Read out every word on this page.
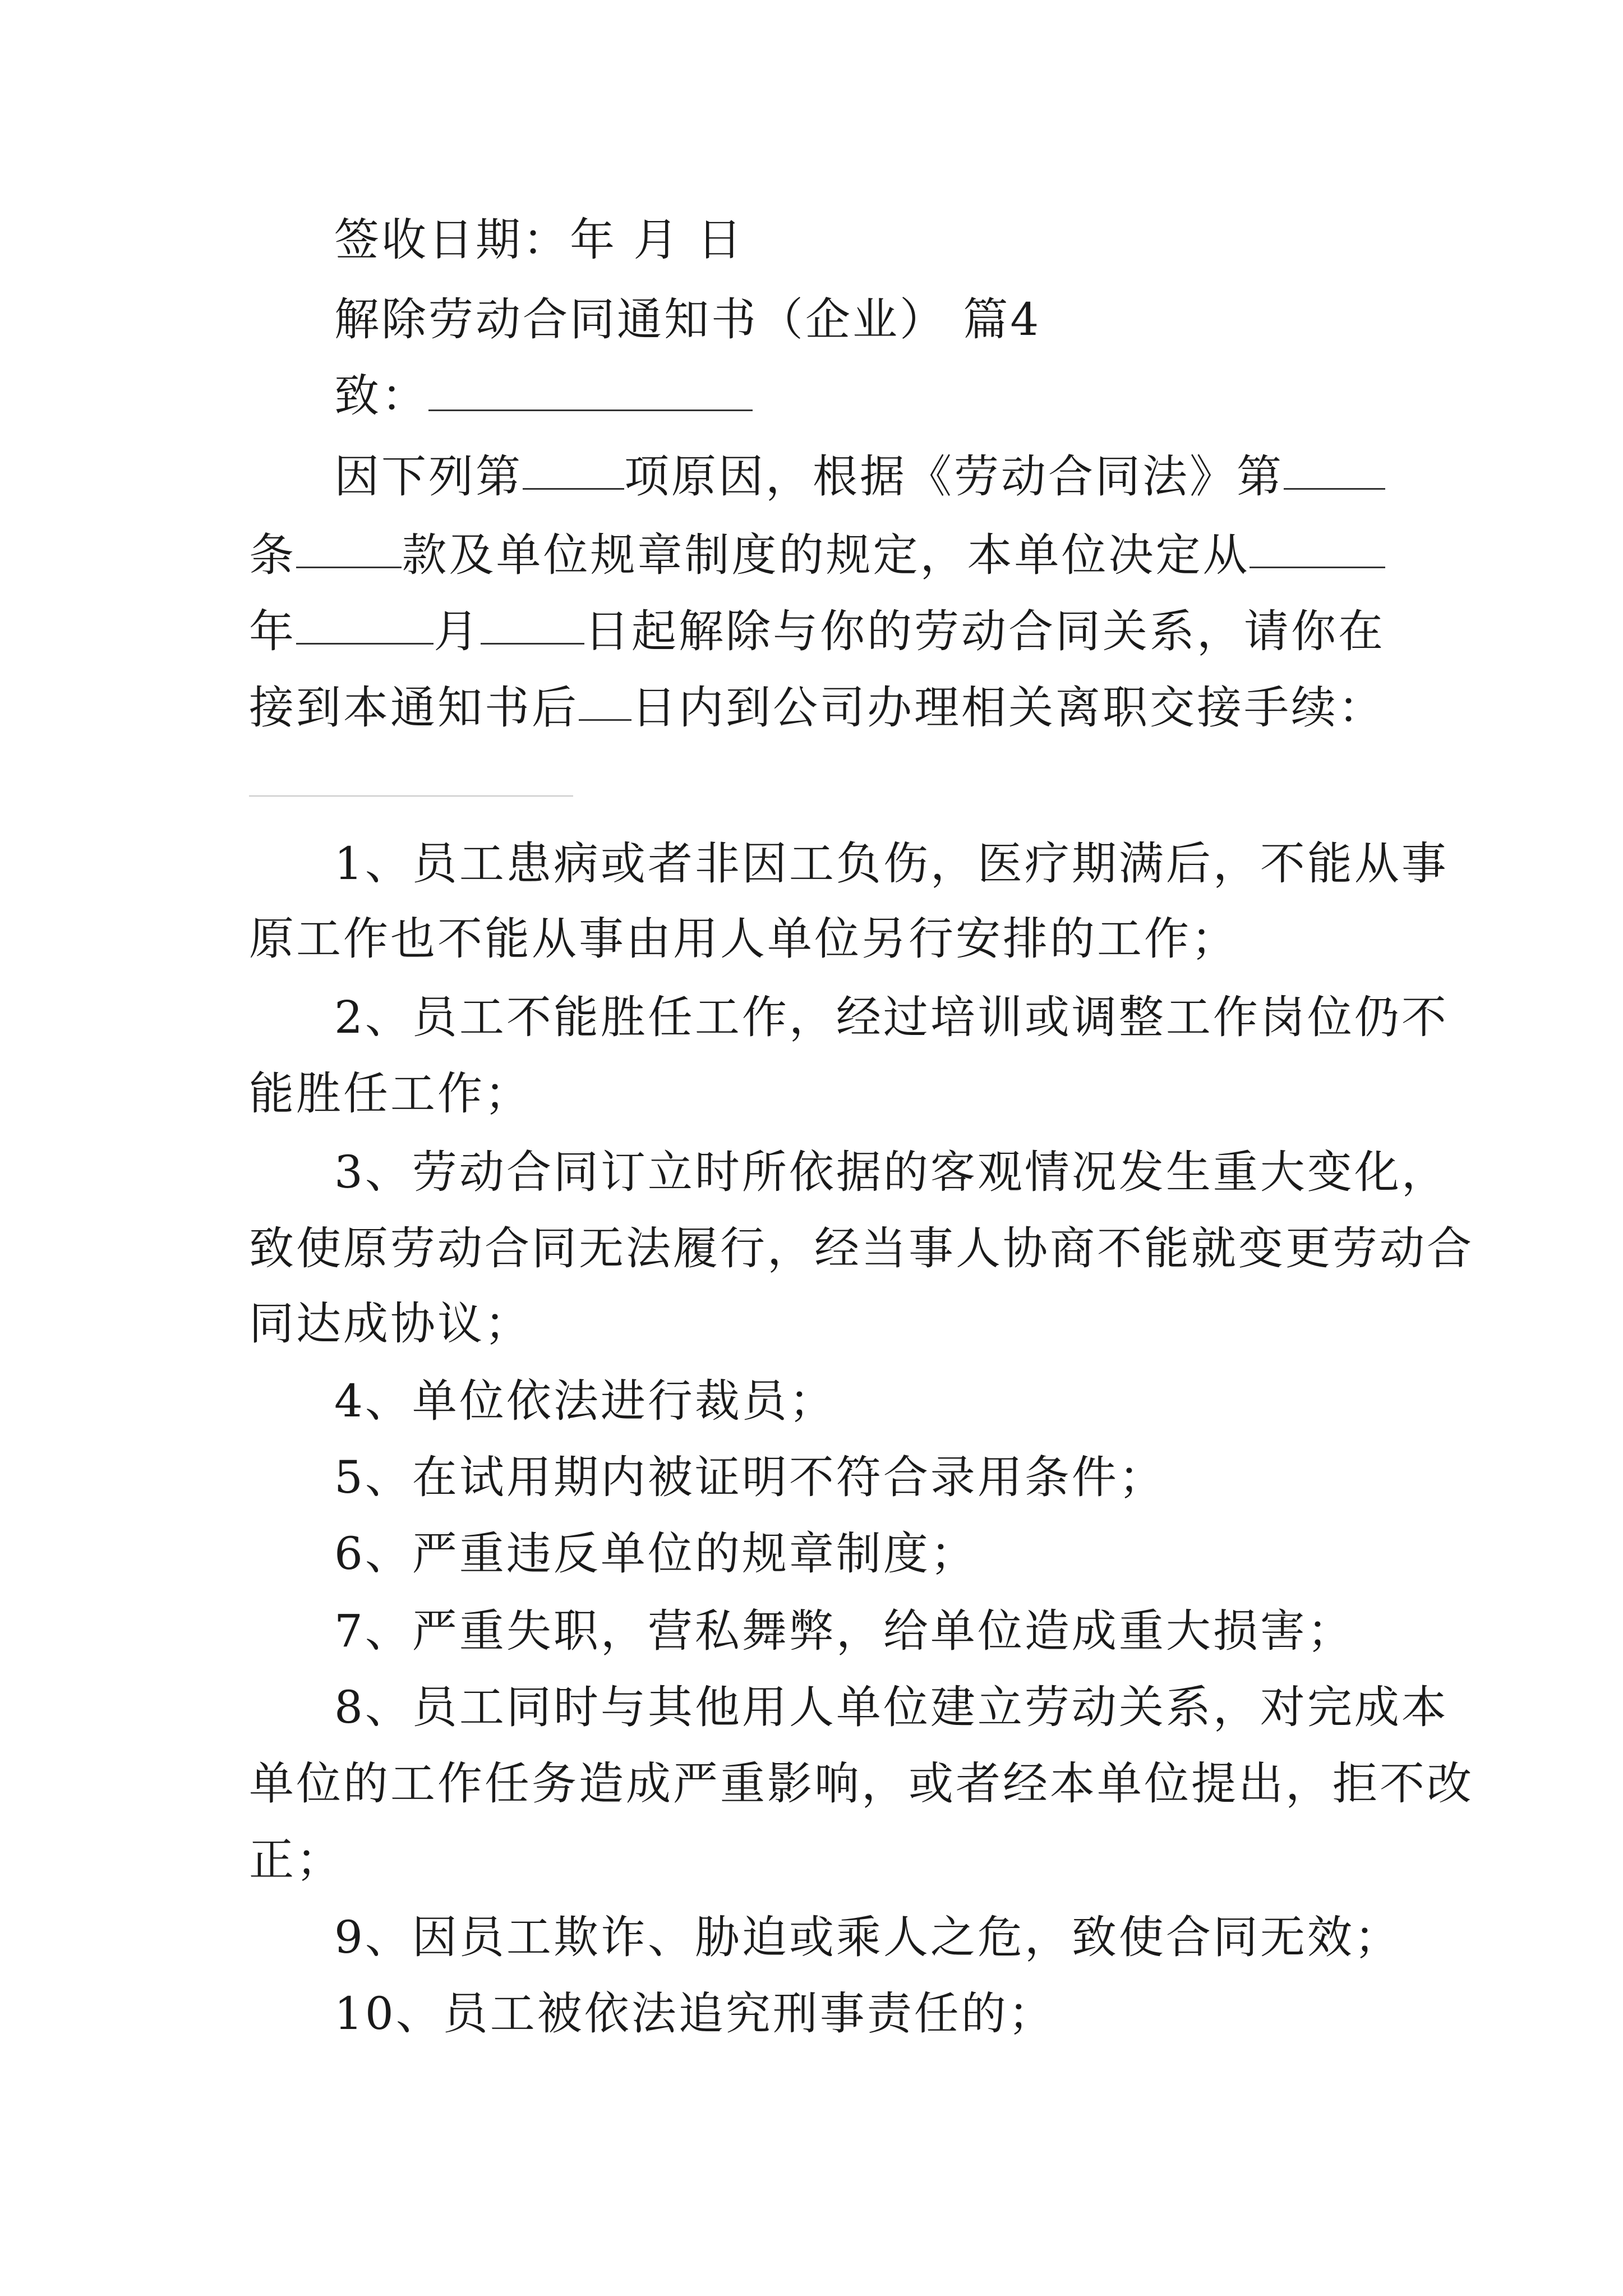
签收日期：年 月 日
解除劳动合同通知书（企业） 篇4
致：
因下列第 项原因，根据《劳动合同法》第
条 款及单位规章制度的规定，本单位决定从
年	月 日起解除与你的劳动合同关系，请你在
接到本通知书后 日内到公司办理相关离职交接手续：
1、员工患病或者非因工负伤，医疗期满后，不能从事
原工作也不能从事由用人单位另行安排的工作；
2、员工不能胜任工作，经过培训或调整工作岗位仍不
能胜任工作；
3、劳动合同订立时所依据的客观情况发生重大变化，
致使原劳动合同无法履行，经当事人协商不能就变更劳动合
同达成协议；
4、单位依法进行裁员；
5、在试用期内被证明不符合录用条件；
6、严重违反单位的规章制度；
7、严重失职，营私舞弊，给单位造成重大损害；
8、员工同时与其他用人单位建立劳动关系，对完成本
单位的工作任务造成严重影响，或者经本单位提出，拒不改
正；
9、因员工欺诈、胁迫或乘人之危，致使合同无效；
10、员工被依法追究刑事责任的；
